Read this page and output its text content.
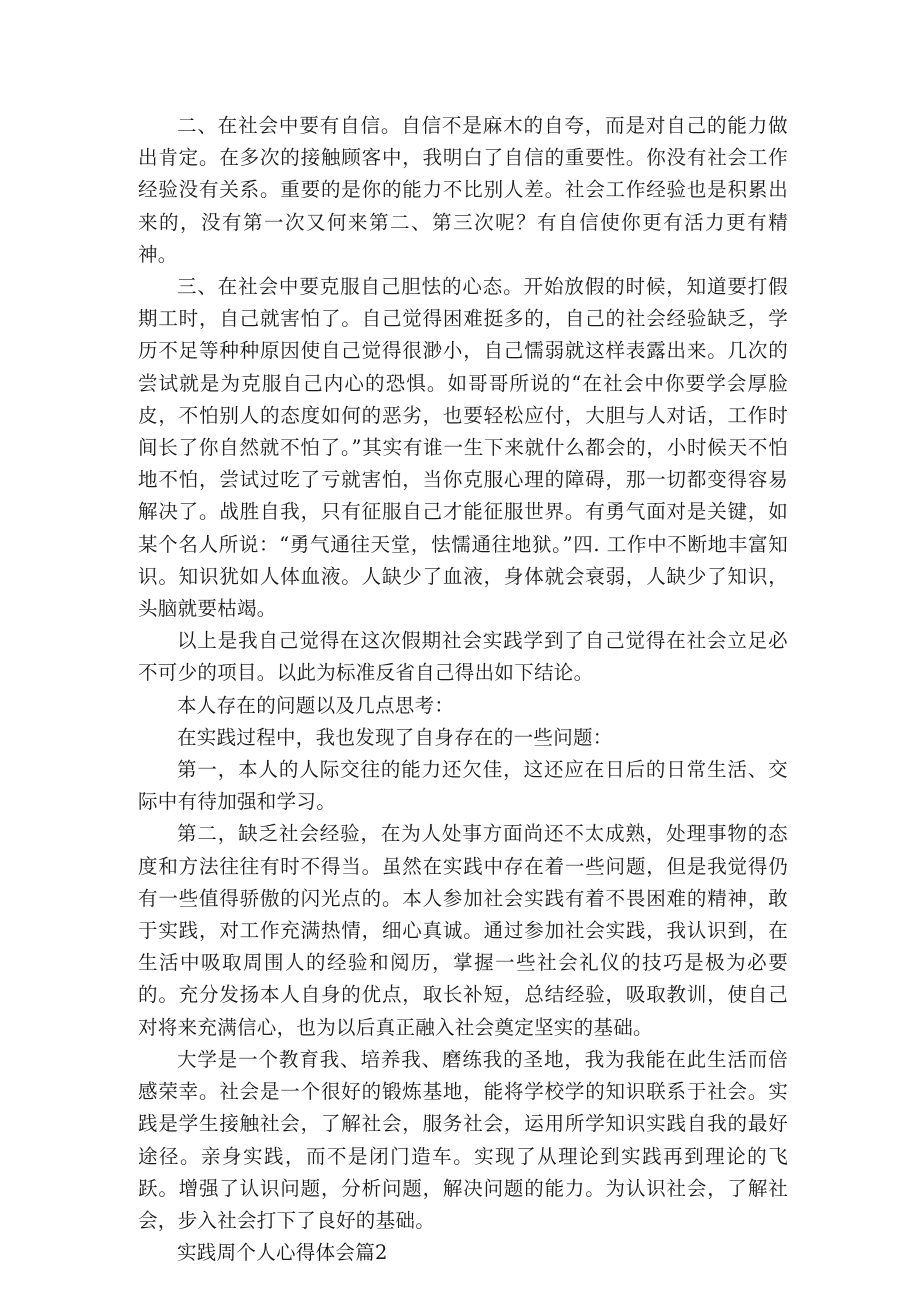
二、在社会中要有自信。自信不是麻木的自夸，而是对自己的能力做出肯定。在多次的接触顾客中，我明白了自信的重要性。你没有社会工作经验没有关系。重要的是你的能力不比别人差。社会工作经验也是积累出来的，没有第一次又何来第二、第三次呢？有自信使你更有活力更有精神。

三、在社会中要克服自己胆怯的心态。开始放假的时候，知道要打假期工时，自己就害怕了。自己觉得困难挺多的，自己的社会经验缺乏，学历不足等种种原因使自己觉得很渺小，自己懦弱就这样表露出来。几次的尝试就是为克服自己内心的恐惧。如哥哥所说的“在社会中你要学会厚脸皮，不怕别人的态度如何的恶劣，也要轻松应付，大胆与人对话，工作时间长了你自然就不怕了。”其实有谁一生下来就什么都会的，小时候天不怕地不怕，尝试过吃了亏就害怕，当你克服心理的障碍，那一切都变得容易解决了。战胜自我，只有征服自己才能征服世界。有勇气面对是关键，如某个名人所说：“勇气通往天堂，怯懦通往地狱。”四. 工作中不断地丰富知识。知识犹如人体血液。人缺少了血液，身体就会衰弱，人缺少了知识，头脑就要枯竭。

以上是我自己觉得在这次假期社会实践学到了自己觉得在社会立足必不可少的项目。以此为标准反省自己得出如下结论。

本人存在的问题以及几点思考：

在实践过程中，我也发现了自身存在的一些问题：

第一，本人的人际交往的能力还欠佳，这还应在日后的日常生活、交际中有待加强和学习。

第二，缺乏社会经验，在为人处事方面尚还不太成熟，处理事物的态度和方法往往有时不得当。虽然在实践中存在着一些问题，但是我觉得仍有一些值得骄傲的闪光点的。本人参加社会实践有着不畏困难的精神，敢于实践，对工作充满热情，细心真诚。通过参加社会实践，我认识到，在生活中吸取周围人的经验和阅历，掌握一些社会礼仪的技巧是极为必要的。充分发扬本人自身的优点，取长补短，总结经验，吸取教训，使自己对将来充满信心，也为以后真正融入社会奠定坚实的基础。

大学是一个教育我、培养我、磨练我的圣地，我为我能在此生活而倍感荣幸。社会是一个很好的锻炼基地，能将学校学的知识联系于社会。实践是学生接触社会，了解社会，服务社会，运用所学知识实践自我的最好途径。亲身实践，而不是闭门造车。实现了从理论到实践再到理论的飞跃。增强了认识问题，分析问题，解决问题的能力。为认识社会，了解社会，步入社会打下了良好的基础。

实践周个人心得体会篇2
